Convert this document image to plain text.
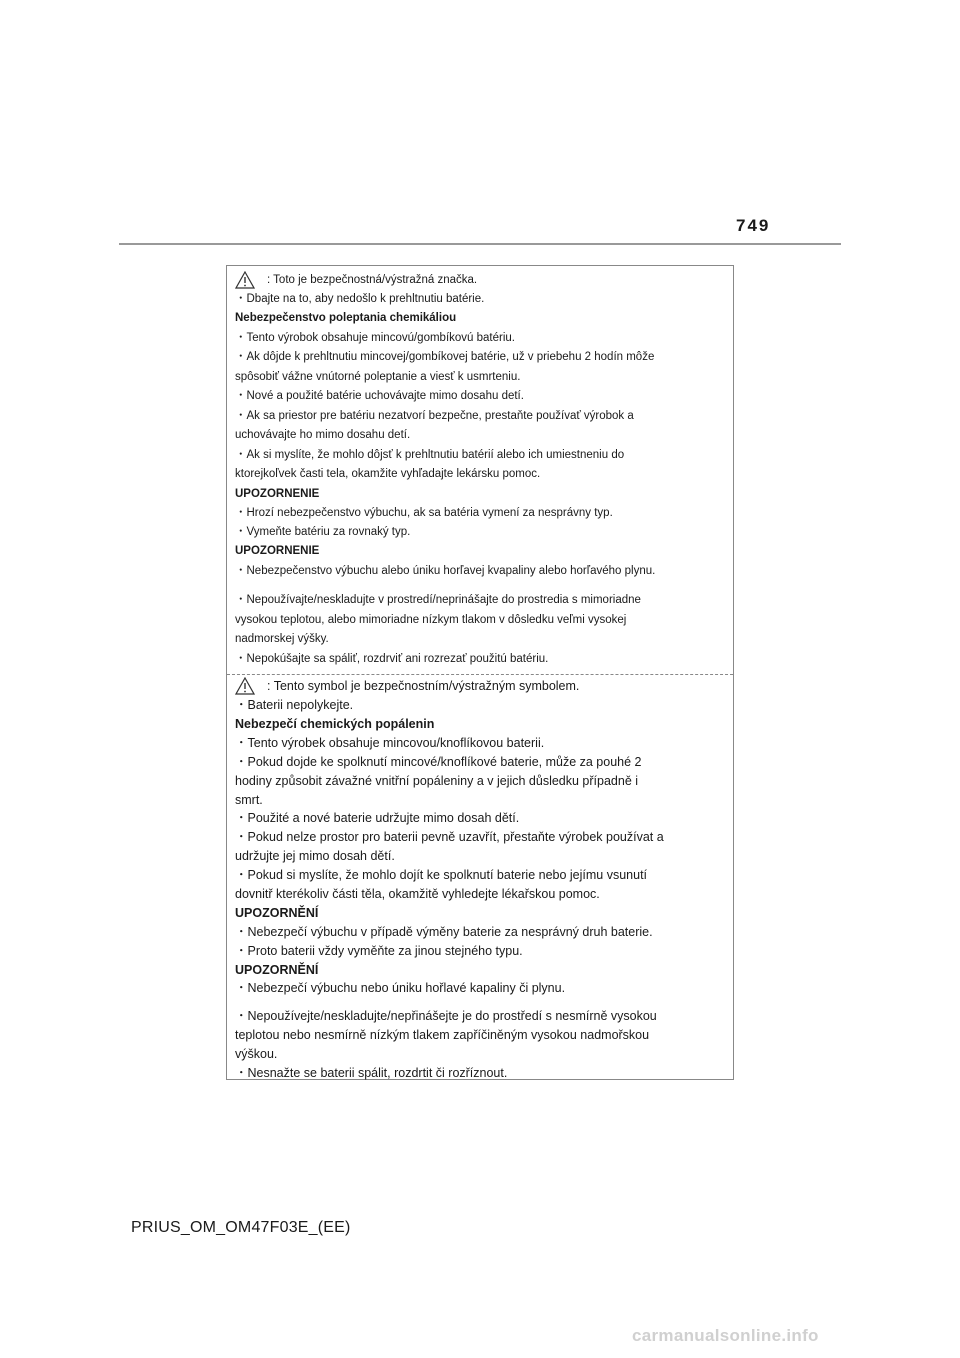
749
: Toto je bezpečnostná/výstražná značka.
・Dbajte na to, aby nedošlo k prehltnutiu batérie.
Nebezpečenstvo poleptania chemikáliou
・Tento výrobok obsahuje mincovú/gombíkovú batériu.
・Ak dôjde k prehltnutiu mincovej/gombíkovej batérie, už v priebehu 2 hodín môže
spôsobiť vážne vnútorné poleptanie a viesť k usmrteniu.
・Nové a použité batérie uchovávajte mimo dosahu detí.
・Ak sa priestor pre batériu nezatvorí bezpečne, prestaňte používať výrobok a
uchovávajte ho mimo dosahu detí.
・Ak si myslíte, že mohlo dôjsť k prehltnutiu batérií alebo ich umiestneniu do
ktorejkoľvek časti tela, okamžite vyhľadajte lekársku pomoc.
UPOZORNENIE
・Hrozí nebezpečenstvo výbuchu, ak sa batéria vymení za nesprávny typ.
・Vymeňte batériu za rovnaký typ.
UPOZORNENIE
・Nebezpečenstvo výbuchu alebo úniku horľavej kvapaliny alebo horľavého plynu.
・Nepoužívajte/neskladujte v prostredí/neprinášajte do prostredia s mimoriadne
vysokou teplotou, alebo mimoriadne nízkym tlakom v dôsledku veľmi vysokej
nadmorskej výšky.
・Nepokúšajte sa spáliť, rozdrviť ani rozrezať použitú batériu.
: Tento symbol je bezpečnostním/výstražným symbolem.
・Baterii nepolykejte.
Nebezpečí chemických popálenin
・Tento výrobek obsahuje mincovou/knoflíkovou baterii.
・Pokud dojde ke spolknutí mincové/knoflíkové baterie, může za pouhé 2
hodiny způsobit závažné vnitřní popáleniny a v jejich důsledku případně i
smrt.
・Použité a nové baterie udržujte mimo dosah dětí.
・Pokud nelze prostor pro baterii pevně uzavřít, přestaňte výrobek používat a
udržujte jej mimo dosah dětí.
・Pokud si myslíte, že mohlo dojít ke spolknutí baterie nebo jejímu vsunutí
dovnitř kterékoliv části těla, okamžitě vyhledejte lékařskou pomoc.
UPOZORNĚNÍ
・Nebezpečí výbuchu v případě výměny baterie za nesprávný druh baterie.
・Proto baterii vždy vyměňte za jinou stejného typu.
UPOZORNĚNÍ
・Nebezpečí výbuchu nebo úniku hořlavé kapaliny či plynu.
・Nepoužívejte/neskladujte/nepřinášejte je do prostředí s nesmírně vysokou
teplotou nebo nesmírně nízkým tlakem zapříčiněným vysokou nadmořskou
výškou.
・Nesnažte se baterii spálit, rozdrtit či rozříznout.
PRIUS_OM_OM47F03E_(EE)
carmanualsonline.info
